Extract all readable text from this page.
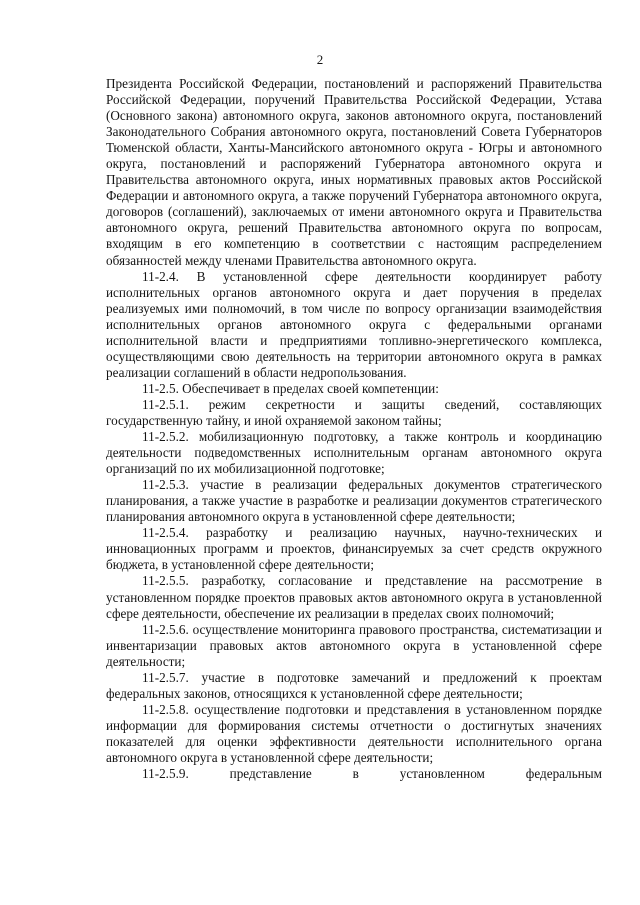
2

Президента Российской Федерации, постановлений и распоряжений Правительства Российской Федерации, поручений Правительства Российской Федерации, Устава (Основного закона) автономного округа, законов автономного округа, постановлений Законодательного Собрания автономного округа, постановлений Совета Губернаторов Тюменской области, Ханты-Мансийского автономного округа - Югры и автономного округа, постановлений и распоряжений Губернатора автономного округа и Правительства автономного округа, иных нормативных правовых актов Российской Федерации и автономного округа, а также поручений Губернатора автономного округа, договоров (соглашений), заключаемых от имени автономного округа и Правительства автономного округа, решений Правительства автономного округа по вопросам, входящим в его компетенцию в соответствии с настоящим распределением обязанностей между членами Правительства автономного округа.

11-2.4. В установленной сфере деятельности координирует работу исполнительных органов автономного округа и дает поручения в пределах реализуемых ими полномочий, в том числе по вопросу организации взаимодействия исполнительных органов автономного округа с федеральными органами исполнительной власти и предприятиями топливно-энергетического комплекса, осуществляющими свою деятельность на территории автономного округа в рамках реализации соглашений в области недропользования.

11-2.5. Обеспечивает в пределах своей компетенции:

11-2.5.1. режим секретности и защиты сведений, составляющих государственную тайну, и иной охраняемой законом тайны;

11-2.5.2. мобилизационную подготовку, а также контроль и координацию деятельности подведомственных исполнительным органам автономного округа организаций по их мобилизационной подготовке;

11-2.5.3. участие в реализации федеральных документов стратегического планирования, а также участие в разработке и реализации документов стратегического планирования автономного округа в установленной сфере деятельности;

11-2.5.4. разработку и реализацию научных, научно-технических и инновационных программ и проектов, финансируемых за счет средств окружного бюджета, в установленной сфере деятельности;

11-2.5.5. разработку, согласование и представление на рассмотрение в установленном порядке проектов правовых актов автономного округа в установленной сфере деятельности, обеспечение их реализации в пределах своих полномочий;

11-2.5.6. осуществление мониторинга правового пространства, систематизации и инвентаризации правовых актов автономного округа в установленной сфере деятельности;

11-2.5.7. участие в подготовке замечаний и предложений к проектам федеральных законов, относящихся к установленной сфере деятельности;

11-2.5.8. осуществление подготовки и представления в установленном порядке информации для формирования системы отчетности о достигнутых значениях показателей для оценки эффективности деятельности исполнительного органа автономного округа в установленной сфере деятельности;

11-2.5.9. представление в установленном федеральным
